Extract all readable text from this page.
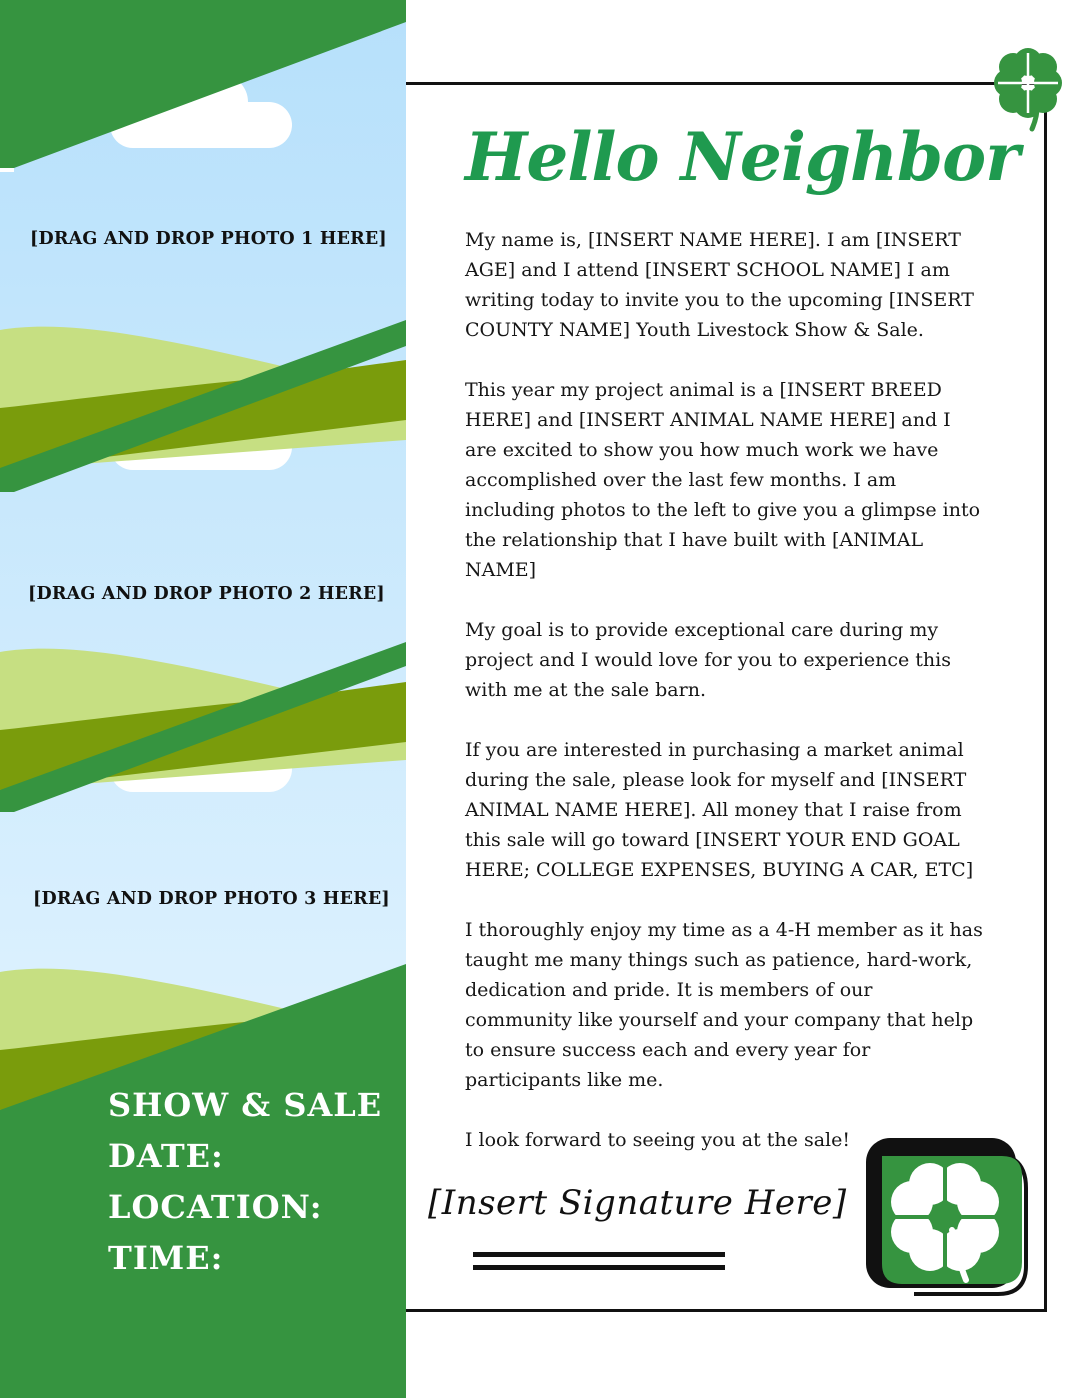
[DRAG AND DROP PHOTO 1 HERE]

[DRAG AND DROP PHOTO 2 HERE]

[DRAG AND DROP PHOTO 3 HERE]

SHOW & SALE

DATE:

LOCATION:

TIME:

Hello Neighbor

My name is, [INSERT NAME HERE]. I am [INSERT AGE] and I attend [INSERT SCHOOL NAME] I am writing today to invite you to the upcoming [INSERT COUNTY NAME] Youth Livestock Show & Sale.

This year my project animal is a [INSERT BREED HERE] and [INSERT ANIMAL NAME HERE] and I are excited to show you how much work we have accomplished over the last few months. I am including photos to the left to give you a glimpse into the relationship that I have built with [ANIMAL NAME]

My goal is to provide exceptional care during my project and I would love for you to experience this with me at the sale barn.

If you are interested in purchasing a market animal during the sale, please look for myself and [INSERT ANIMAL NAME HERE]. All money that I raise from this sale will go toward [INSERT YOUR END GOAL HERE; COLLEGE EXPENSES, BUYING A CAR, ETC]

I thoroughly enjoy my time as a 4-H member as it has taught me many things such as patience, hard-work, dedication and pride. It is members of our community like yourself and your company that help to ensure success each and every year for participants like me.

I look forward to seeing you at the sale!

[Insert Signature Here]
